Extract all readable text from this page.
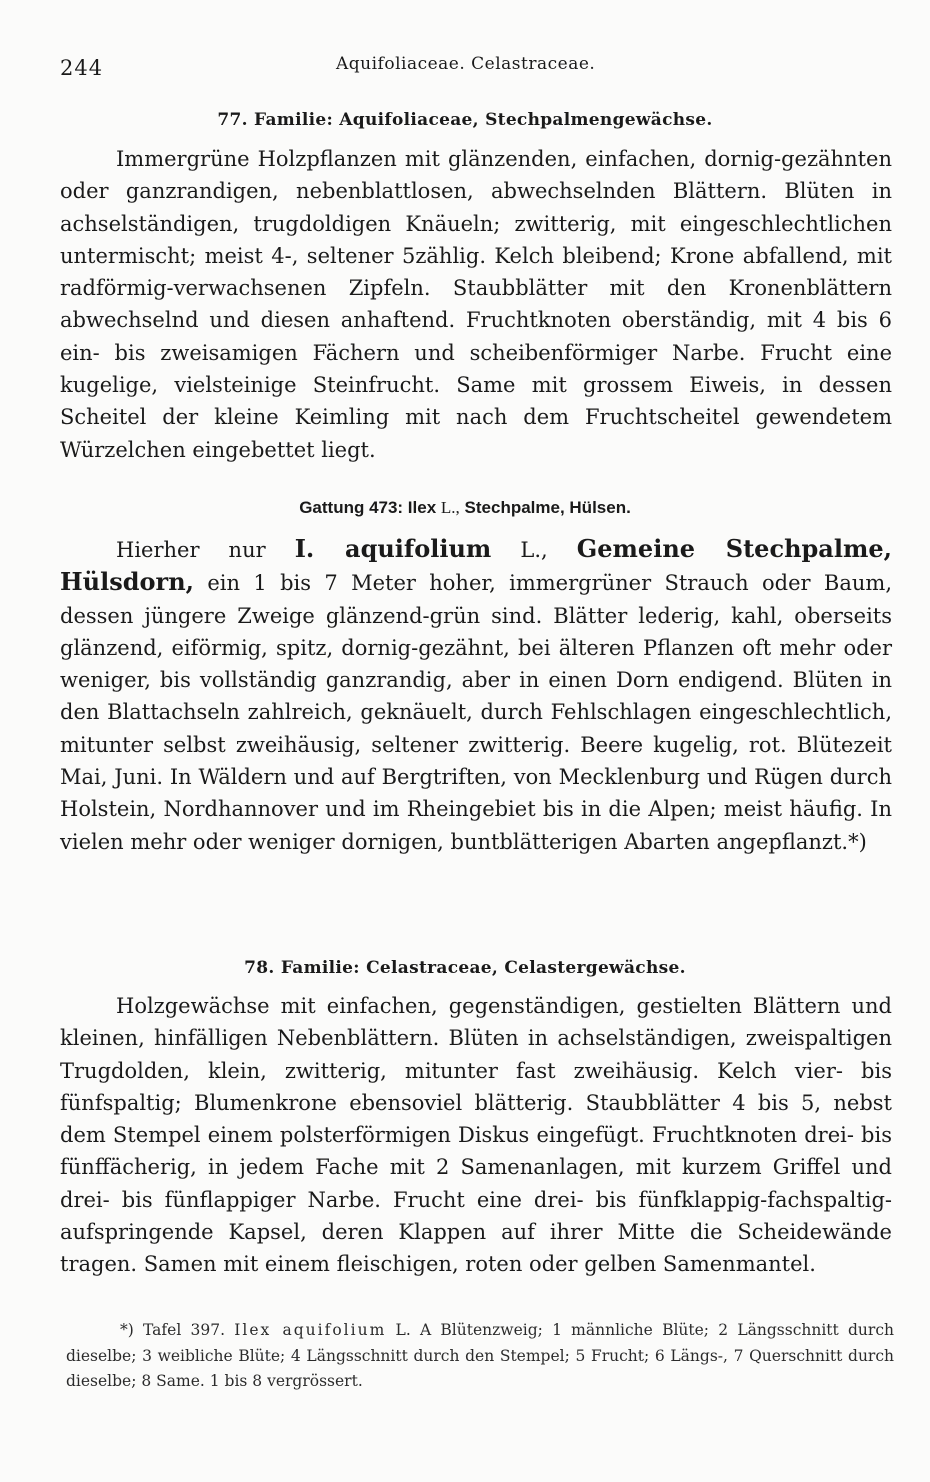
244	Aquifoliaceae. Celastraceae.
77. Familie: Aquifoliaceae, Stechpalmengewächse.
Immergrüne Holzpflanzen mit glänzenden, einfachen, dornig-gezähnten oder ganzrandigen, nebenblattlosen, abwechselnden Blättern. Blüten in achselständigen, trugdoldigen Knäueln; zwitterig, mit eingeschlechtlichen untermischt; meist 4-, seltener 5zählig. Kelch bleibend; Krone abfallend, mit radförmig-verwachsenen Zipfeln. Staubblätter mit den Kronenblättern abwechselnd und diesen anhaftend. Fruchtknoten oberständig, mit 4 bis 6 ein- bis zweisamigen Fächern und scheibenförmiger Narbe. Frucht eine kugelige, vielsteinige Steinfrucht. Same mit grossem Eiweis, in dessen Scheitel der kleine Keimling mit nach dem Fruchtscheitel gewendetem Würzelchen eingebettet liegt.
Gattung 473: Ilex L., Stechpalme, Hülsen.
Hierher nur I. aquifolium L., Gemeine Stechpalme, Hülsdorn, ein 1 bis 7 Meter hoher, immergrüner Strauch oder Baum, dessen jüngere Zweige glänzend-grün sind. Blätter lederig, kahl, oberseits glänzend, eiförmig, spitz, dornig-gezähnt, bei älteren Pflanzen oft mehr oder weniger, bis vollständig ganzrandig, aber in einen Dorn endigend. Blüten in den Blattachseln zahlreich, geknäuelt, durch Fehlschlagen eingeschlechtlich, mitunter selbst zweihäusig, seltener zwitterig. Beere kugelig, rot. Blütezeit Mai, Juni. In Wäldern und auf Bergtriften, von Mecklenburg und Rügen durch Holstein, Nordhannover und im Rheingebiet bis in die Alpen; meist häufig. In vielen mehr oder weniger dornigen, buntblätterigen Abarten angepflanzt.*)
78. Familie: Celastraceae, Celastergewächse.
Holzgewächse mit einfachen, gegenständigen, gestielten Blättern und kleinen, hinfälligen Nebenblättern. Blüten in achselständigen, zweispaltigen Trugdolden, klein, zwitterig, mitunter fast zweihäusig. Kelch vier- bis fünfspaltig; Blumenkrone ebensoviel blätterig. Staubblätter 4 bis 5, nebst dem Stempel einem polsterförmigen Diskus eingefügt. Fruchtknoten drei- bis fünffächerig, in jedem Fache mit 2 Samenanlagen, mit kurzem Griffel und drei- bis fünflappiger Narbe. Frucht eine drei- bis fünfklappig-fachspaltig-aufspringende Kapsel, deren Klappen auf ihrer Mitte die Scheidewände tragen. Samen mit einem fleischigen, roten oder gelben Samenmantel.
*) Tafel 397. Ilex aquifolium L. A Blütenzweig; 1 männliche Blüte; 2 Längsschnitt durch dieselbe; 3 weibliche Blüte; 4 Längsschnitt durch den Stempel; 5 Frucht; 6 Längs-, 7 Querschnitt durch dieselbe; 8 Same. 1 bis 8 vergrössert.
